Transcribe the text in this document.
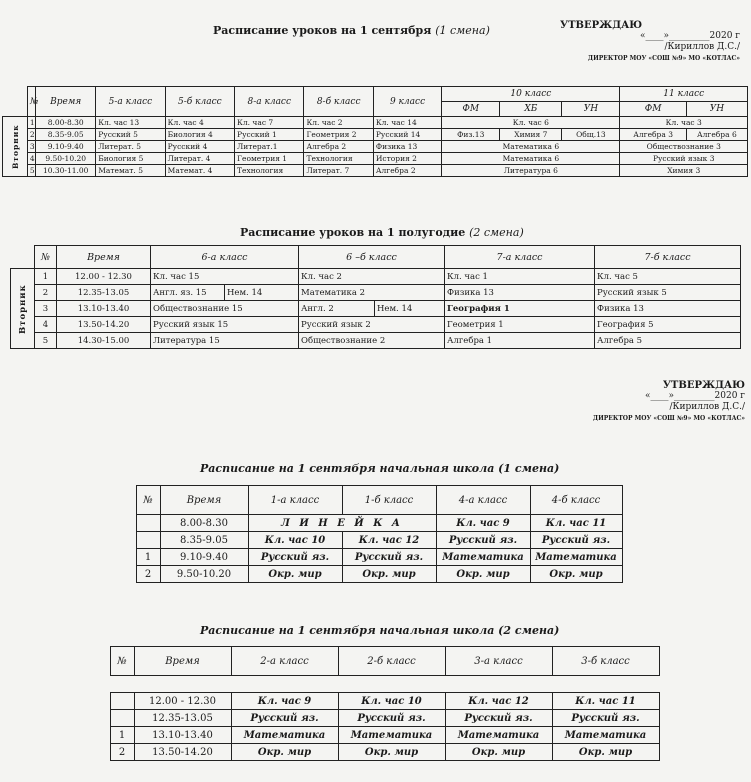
Расписание уроков на 1 сентября (1 смена)	УТВЕРЖДАЮ
«____»_________2020 г
/Кириллов Д.С./
ДИРЕКТОР МОУ «СОШ №9» МО «КОТЛАС»
	№	Время	5-а класс	5-б класс	8-а класс	8-б класс	9 класс	10 класс			11 класс	
								ФМ	ХБ	УН	ФМ	УН
Вторник	1	8.00-8.30	Кл. час 13	Кл. час 4	Кл. час 7	Кл. час 2	Кл. час 14	Кл. час 6			Кл. час 3	
	2	8.35-9.05	Русский 5	Биология 4	Русский 1	Геометрия 2	Русский 14	Физ.13	Химия 7	Общ.13	Алгебра 3	Алгебра 6
	3	9.10-9.40	Литерат. 5	Русский 4	Литерат.1	Алгебра 2	Физика 13	Математика 6			Обществознание 3	
	4	9.50-10.20	Биология 5	Литерат. 4	Геометрия 1	Технология	История 2	Математика 6			Русский язык 3	
	5	10.30-11.00	Математ. 5	Математ. 4	Технология	Литерат. 7	Алгебра 2	Литература 6			Химия 3	
Расписание уроков на 1 полугодие (2 смена)
	№	Время	6-а класс		6 –б класс		7-а класс	7-б класс
Вторник	1	12.00 - 12.30	Кл. час 15		Кл. час 2		Кл. час 1	Кл. час 5
	2	12.35-13.05	Англ. яз. 15	Нем. 14	Математика 2		Физика 13	Русский язык 5
	3	13.10-13.40	Обществознание 15		Англ. 2	Нем. 14	География 1	Физика 13
	4	13.50-14.20	Русский язык 15		Русский язык 2		Геометрия 1	География 5
	5	14.30-15.00	Литература 15		Обществознание 2		Алгебра 1	Алгебра 5
УТВЕРЖДАЮ
«____»_________2020 г
/Кириллов Д.С./
ДИРЕКТОР МОУ «СОШ №9» МО «КОТЛАС»
Расписание на 1 сентября начальная школа (1 смена)
	№	Время	1-а класс	1-б класс	4-а класс	4-б класс
		8.00-8.30	Л И Н Е Й К А		Кл. час 9	Кл. час 11
		8.35-9.05	Кл. час 10	Кл. час 12	Русский яз.	Русский яз.
	1	9.10-9.40	Русский яз.	Русский яз.	Математика	Математика
	2	9.50-10.20	Окр. мир	Окр. мир	Окр. мир	Окр. мир
Расписание на 1 сентября начальная школа (2 смена)
	№	Время	2-а класс	2-б класс	3-а класс	3-б класс

		12.00 - 12.30	Кл. час 9	Кл. час 10	Кл. час 12	Кл. час 11
		12.35-13.05	Русский яз.	Русский яз.	Русский яз.	Русский яз.
	1	13.10-13.40	Математика	Математика	Математика	Математика
	2	13.50-14.20	Окр. мир	Окр. мир	Окр. мир	Окр. мир
